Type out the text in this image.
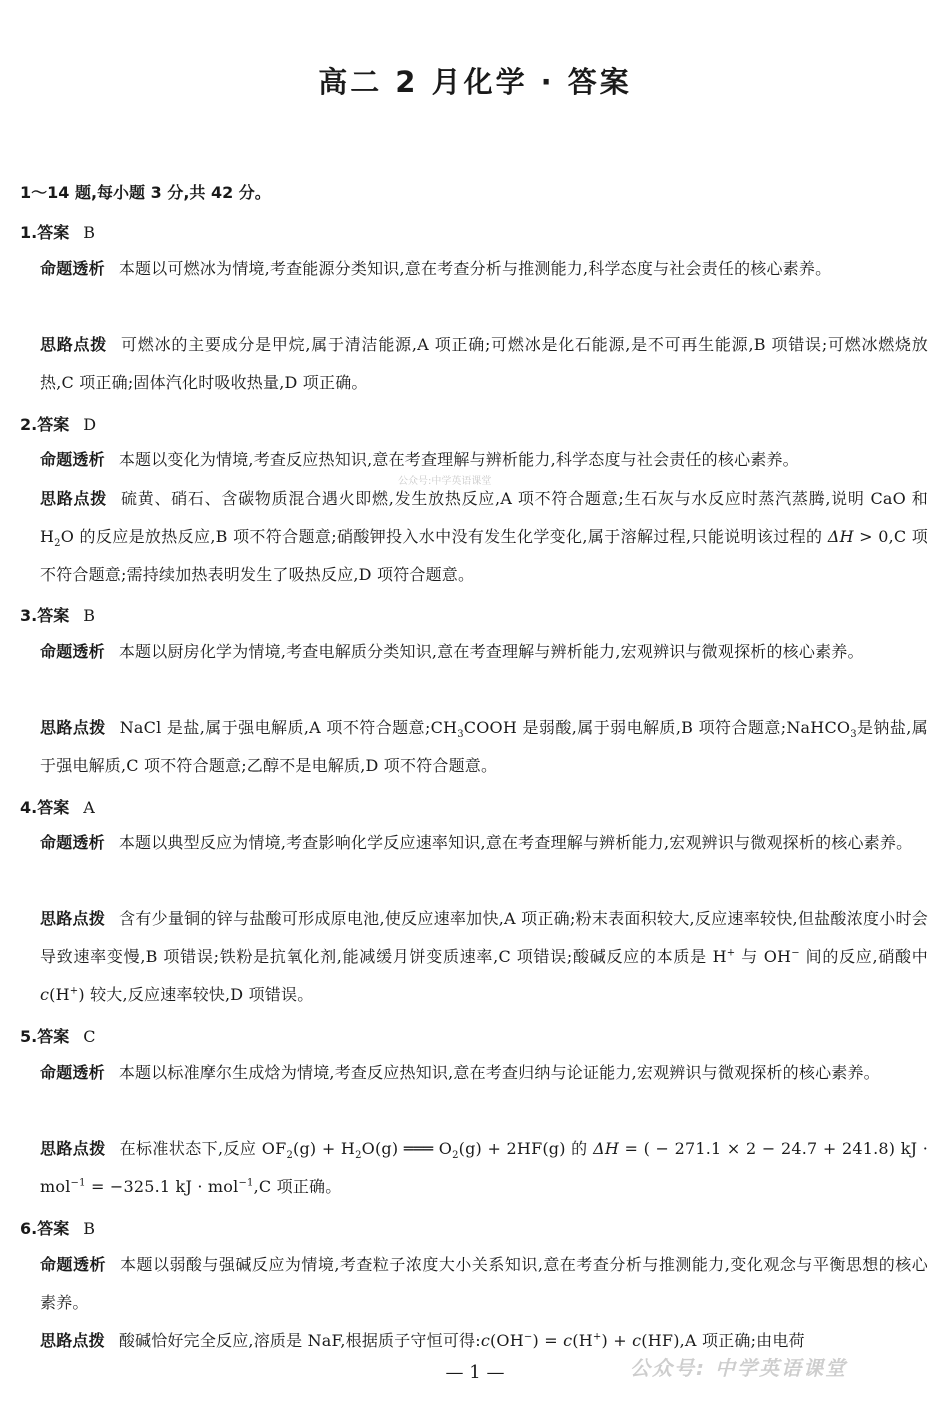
高二 2 月化学 · 答案
1～14 题,每小题 3 分,共 42 分。
1.答案 B
命题透析 本题以可燃冰为情境,考查能源分类知识,意在考查分析与推测能力,科学态度与社会责任的核心素养。
思路点拨 可燃冰的主要成分是甲烷,属于清洁能源,A 项正确;可燃冰是化石能源,是不可再生能源,B 项错误;可燃冰燃烧放热,C 项正确;固体汽化时吸收热量,D 项正确。
2.答案 D
命题透析 本题以变化为情境,考查反应热知识,意在考查理解与辨析能力,科学态度与社会责任的核心素养。
思路点拨 硫黄、硝石、含碳物质混合遇火即燃,发生放热反应,A 项不符合题意;生石灰与水反应时蒸汽蒸腾,说明 CaO 和 $H_2O$ 的反应是放热反应,B 项不符合题意;硝酸钾投入水中没有发生化学变化,属于溶解过程,只能说明该过程的 ΔH > 0,C 项不符合题意;需持续加热表明发生了吸热反应,D 项符合题意。
3.答案 B
命题透析 本题以厨房化学为情境,考查电解质分类知识,意在考查理解与辨析能力,宏观辨识与微观探析的核心素养。
思路点拨 NaCl 是盐,属于强电解质,A 项不符合题意$;CH_3COOH$ 是弱酸,属于弱电解质,B 项符合题意;NaHCO$_3$是钠盐,属于强电解质,C 项不符合题意;乙醇不是电解质,D 项不符合题意。
4.答案 A
命题透析 本题以典型反应为情境,考查影响化学反应速率知识,意在考查理解与辨析能力,宏观辨识与微观探析的核心素养。
思路点拨 含有少量铜的锌与盐酸可形成原电池,使反应速率加快,A 项正确;粉末表面积较大,反应速率较快,但盐酸浓度小时会导致速率变慢,B 项错误;铁粉是抗氧化剂,能减缓月饼变质速率,C 项错误;酸碱反应的本质是 H+ 与 OH− 间的反应,硝酸中 c(H+) 较大,反应速率较快,D 项错误。
5.答案 C
命题透析 本题以标准摩尔生成焓为情境,考查反应热知识,意在考查归纳与论证能力,宏观辨识与微观探析的核心素养。
思路点拨 在标准状态下,反应 $OF_2(g) + H_2O(g)$ ═══ $O_2(g) + 2HF(g)$ 的 ΔH = ( − 271.1 × 2 − 24.7 + 241.8) kJ · mol$^{-1}$ = −325.1 kJ · mol$^{-1}$,C 项正确。
6.答案 B
命题透析 本题以弱酸与强碱反应为情境,考查粒子浓度大小关系知识,意在考查分析与推测能力,变化观念与平衡思想的核心素养。
思路点拨 酸碱恰好完全反应,溶质是 NaF,根据质子守恒可得:c(OH−) = c(H+) + c(HF),A 项正确;由电荷
公众号:中学英语课堂
— 1 —	公众号: 中学英语课堂
